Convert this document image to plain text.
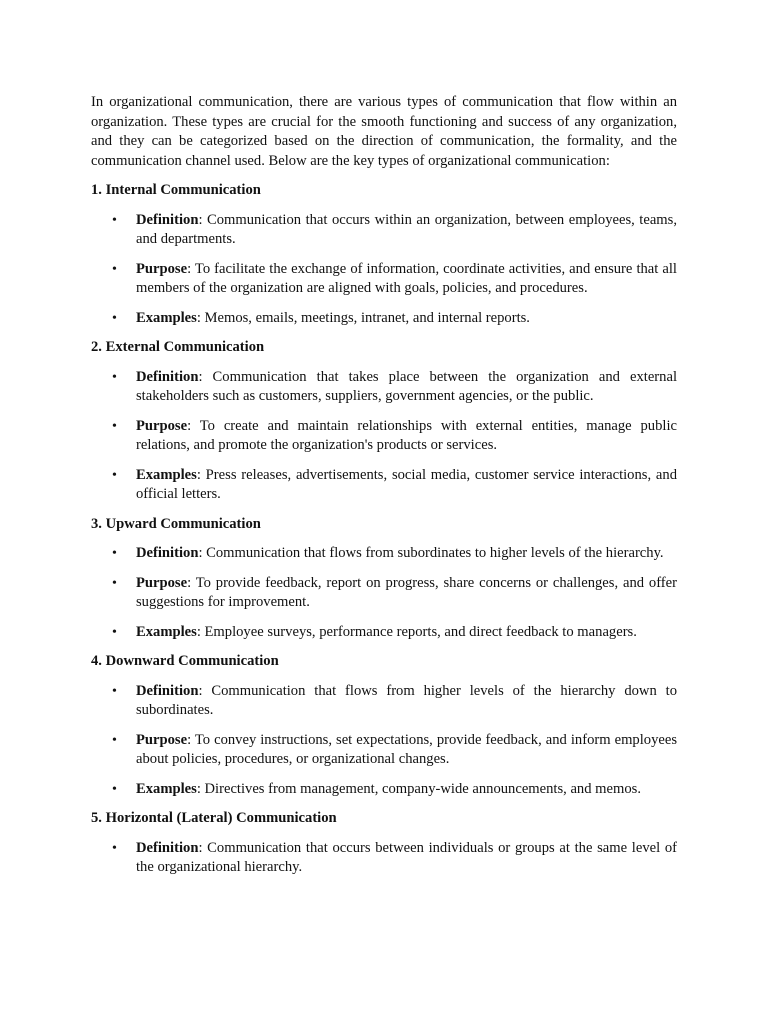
In organizational communication, there are various types of communication that flow within an organization. These types are crucial for the smooth functioning and success of any organization, and they can be categorized based on the direction of communication, the formality, and the communication channel used. Below are the key types of organizational communication:

1. Internal Communication

• Definition: Communication that occurs within an organization, between employees, teams, and departments.
• Purpose: To facilitate the exchange of information, coordinate activities, and ensure that all members of the organization are aligned with goals, policies, and procedures.
• Examples: Memos, emails, meetings, intranet, and internal reports.

2. External Communication

• Definition: Communication that takes place between the organization and external stakeholders such as customers, suppliers, government agencies, or the public.
• Purpose: To create and maintain relationships with external entities, manage public relations, and promote the organization's products or services.
• Examples: Press releases, advertisements, social media, customer service interactions, and official letters.

3. Upward Communication

• Definition: Communication that flows from subordinates to higher levels of the hierarchy.
• Purpose: To provide feedback, report on progress, share concerns or challenges, and offer suggestions for improvement.
• Examples: Employee surveys, performance reports, and direct feedback to managers.

4. Downward Communication

• Definition: Communication that flows from higher levels of the hierarchy down to subordinates.
• Purpose: To convey instructions, set expectations, provide feedback, and inform employees about policies, procedures, or organizational changes.
• Examples: Directives from management, company-wide announcements, and memos.

5. Horizontal (Lateral) Communication

• Definition: Communication that occurs between individuals or groups at the same level of the organizational hierarchy.
